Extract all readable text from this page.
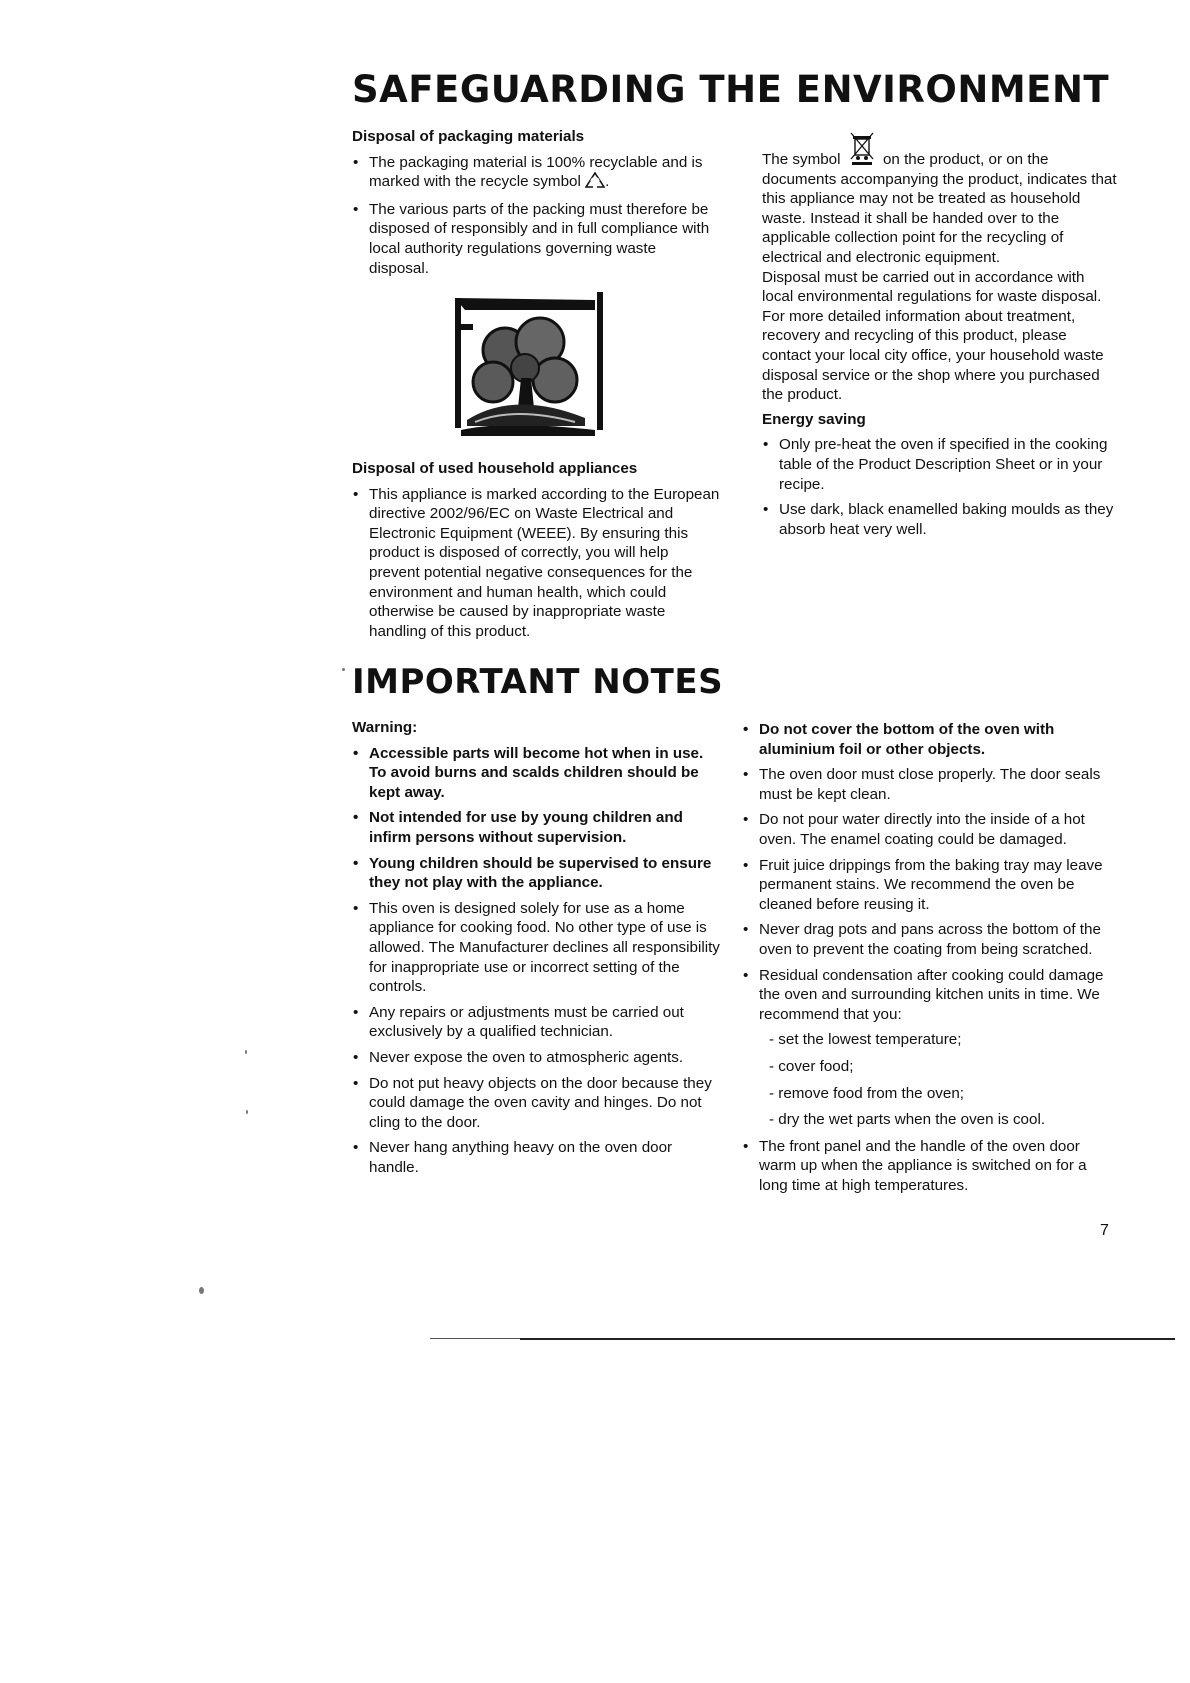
SAFEGUARDING THE ENVIRONMENT
Disposal of packaging materials
• The packaging material is 100% recyclable and is marked with the recycle symbol .
• The various parts of the packing must therefore be disposed of responsibly and in full compliance with local authority regulations governing waste disposal.
Disposal of used household appliances
• This appliance is marked according to the European directive 2002/96/EC on Waste Electrical and Electronic Equipment (WEEE). By ensuring this product is disposed of correctly, you will help prevent potential negative consequences for the environment and human health, which could otherwise be caused by inappropriate waste handling of this product.

The symbol	on the product, or on the documents accompanying the product, indicates that this appliance may not be treated as household waste. Instead it shall be handed over to the applicable collection point for the recycling of electrical and electronic equipment.

Disposal must be carried out in accordance with local environmental regulations for waste disposal.

For more detailed information about treatment, recovery and recycling of this product, please contact your local city office, your household waste disposal service or the shop where you purchased the product.

Energy saving
• Only pre-heat the oven if specified in the cooking table of the Product Description Sheet or in your recipe.
• Use dark, black enamelled baking moulds as they absorb heat very well.
IMPORTANT NOTES
Warning:
• Accessible parts will become hot when in use. To avoid burns and scalds children should be kept away.
• Not intended for use by young children and infirm persons without supervision.
• Young children should be supervised to ensure they not play with the appliance.
• This oven is designed solely for use as a home appliance for cooking food. No other type of use is allowed. The Manufacturer declines all responsibility for inappropriate use or incorrect setting of the controls.
• Any repairs or adjustments must be carried out exclusively by a qualified technician.
• Never expose the oven to atmospheric agents.
• Do not put heavy objects on the door because they could damage the oven cavity and hinges. Do not cling to the door.
• Never hang anything heavy on the oven door handle.
• Do not cover the bottom of the oven with aluminium foil or other objects.
• The oven door must close properly. The door seals must be kept clean.
• Do not pour water directly into the inside of a hot oven. The enamel coating could be damaged.
• Fruit juice drippings from the baking tray may leave permanent stains. We recommend the oven be cleaned before reusing it.
• Never drag pots and pans across the bottom of the oven to prevent the coating from being scratched.
• Residual condensation after cooking could damage the oven and surrounding kitchen units in time. We recommend that you:
- set the lowest temperature;
- cover food;
- remove food from the oven;
- dry the wet parts when the oven is cool.
• The front panel and the handle of the oven door warm up when the appliance is switched on for a long time at high temperatures.
7
